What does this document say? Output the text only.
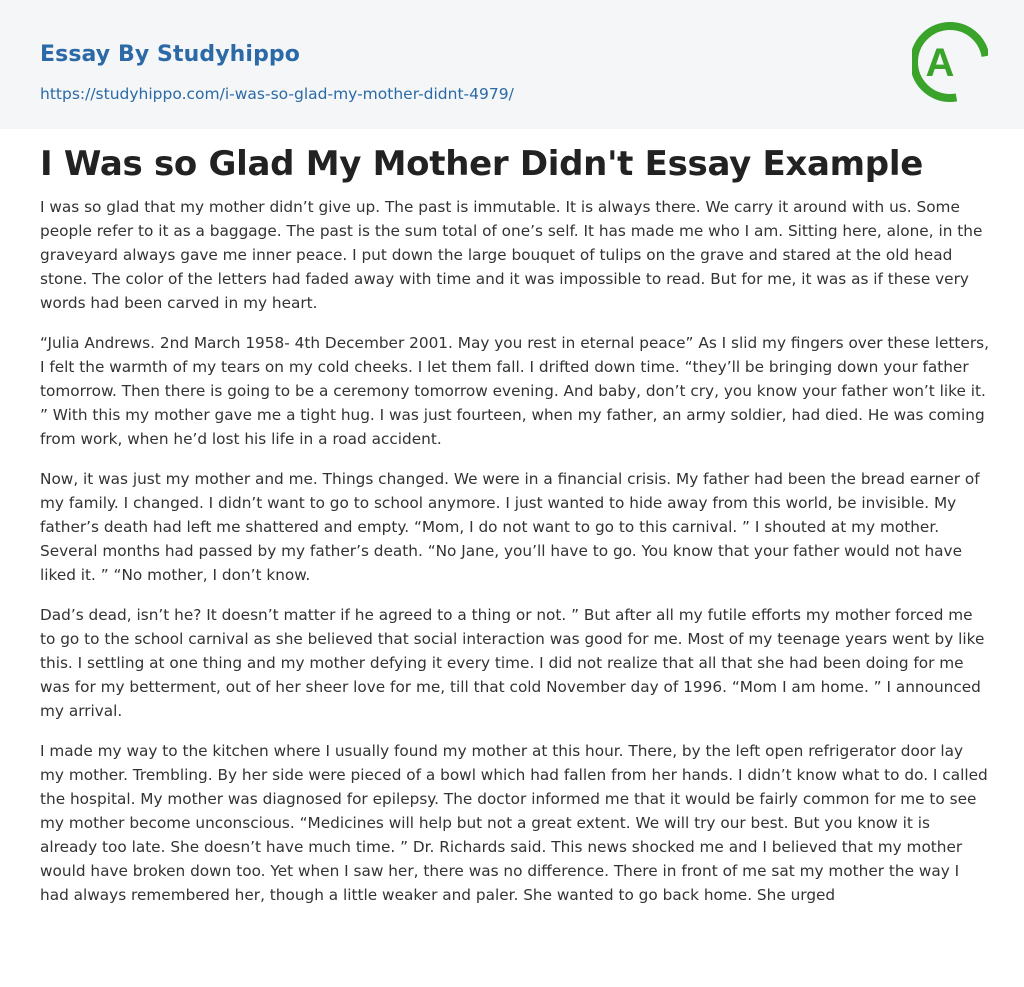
Essay By Studyhippo
https://studyhippo.com/i-was-so-glad-my-mother-didnt-4979/
A
I Was so Glad My Mother Didn't Essay Example

I was so glad that my mother didn’t give up. The past is immutable. It is always there. We carry it around with us. Some people refer to it as a baggage. The past is the sum total of one’s self. It has made me who I am. Sitting here, alone, in the graveyard always gave me inner peace. I put down the large bouquet of tulips on the grave and stared at the old head stone. The color of the letters had faded away with time and it was impossible to read. But for me, it was as if these very words had been carved in my heart.

“Julia Andrews. 2nd March 1958- 4th December 2001. May you rest in eternal peace” As I slid my fingers over these letters, I felt the warmth of my tears on my cold cheeks. I let them fall. I drifted down time. “they’ll be bringing down your father tomorrow. Then there is going to be a ceremony tomorrow evening. And baby, don’t cry, you know your father won’t like it. ” With this my mother gave me a tight hug. I was just fourteen, when my father, an army soldier, had died. He was coming from work, when he’d lost his life in a road accident.

Now, it was just my mother and me. Things changed. We were in a financial crisis. My father had been the bread earner of my family. I changed. I didn’t want to go to school anymore. I just wanted to hide away from this world, be invisible. My father’s death had left me shattered and empty. “Mom, I do not want to go to this carnival. ” I shouted at my mother. Several months had passed by my father’s death. “No Jane, you’ll have to go. You know that your father would not have liked it. ” “No mother, I don’t know.

Dad’s dead, isn’t he? It doesn’t matter if he agreed to a thing or not. ” But after all my futile efforts my mother forced me to go to the school carnival as she believed that social interaction was good for me. Most of my teenage years went by like this. I settling at one thing and my mother defying it every time. I did not realize that all that she had been doing for me was for my betterment, out of her sheer love for me, till that cold November day of 1996. “Mom I am home. ” I announced my arrival.

I made my way to the kitchen where I usually found my mother at this hour. There, by the left open refrigerator door lay my mother. Trembling. By her side were pieced of a bowl which had fallen from her hands. I didn’t know what to do. I called the hospital. My mother was diagnosed for epilepsy. The doctor informed me that it would be fairly common for me to see my mother become unconscious. “Medicines will help but not a great extent. We will try our best. But you know it is already too late. She doesn’t have much time. ” Dr. Richards said. This news shocked me and I believed that my mother would have broken down too. Yet when I saw her, there was no difference. There in front of me sat my mother the way I had always remembered her, though a little weaker and paler. She wanted to go back home. She urged
